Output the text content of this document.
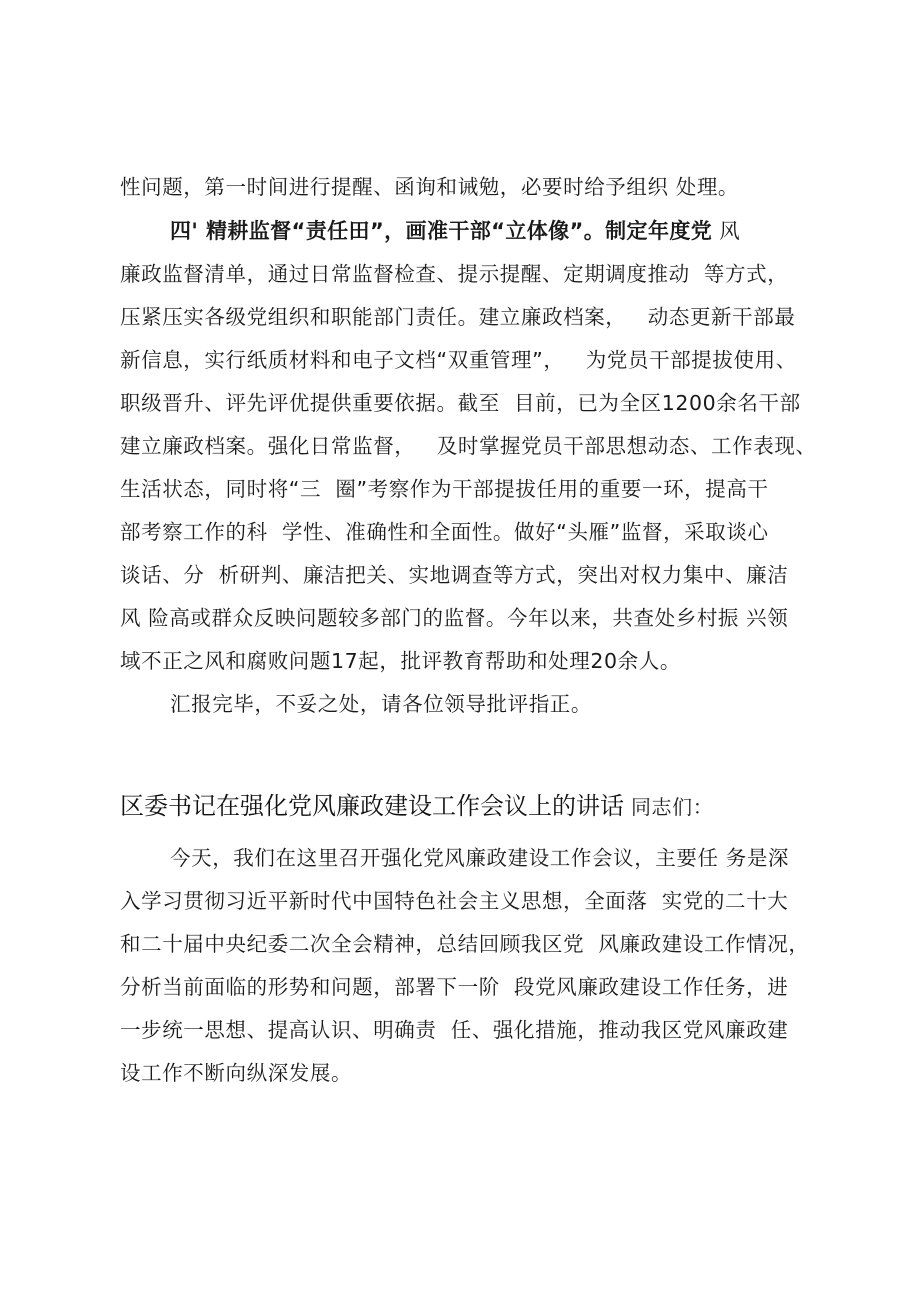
性问题，第一时间进行提醒、函询和诫勉，必要时给予组织 处理。
四' 精耕监督“责任田”，画准干部“立体像”。制定年度党 风
廉政监督清单，通过日常监督检查、提示提醒、定期调度推动  等方式，
压紧压实各级党组织和职能部门责任。建立廉政档案，   动态更新干部最
新信息，实行纸质材料和电子文档“双重管理”，   为党员干部提拔使用、
职级晋升、评先评优提供重要依据。截至  目前，已为全区1200余名干部
建立廉政档案。强化日常监督，   及时掌握党员干部思想动态、工作表现、
生活状态，同时将“三  圈”考察作为干部提拔任用的重要一环，提高干
部考察工作的科  学性、准确性和全面性。做好“头雁”监督，采取谈心
谈话、分  析研判、廉洁把关、实地调查等方式，突出对权力集中、廉洁
风 险高或群众反映问题较多部门的监督。今年以来，共查处乡村振 兴领
域不正之风和腐败问题17起，批评教育帮助和处理20余人。
汇报完毕，不妥之处，请各位领导批评指正。
区委书记在强化党风廉政建设工作会议上的讲话 同志们：
今天，我们在这里召开强化党风廉政建设工作会议，主要任 务是深
入学习贯彻习近平新时代中国特色社会主义思想，全面落  实党的二十大
和二十届中央纪委二次全会精神，总结回顾我区党  风廉政建设工作情况，
分析当前面临的形势和问题，部署下一阶  段党风廉政建设工作任务，进
一步统一思想、提高认识、明确责  任、强化措施，推动我区党风廉政建
设工作不断向纵深发展。
